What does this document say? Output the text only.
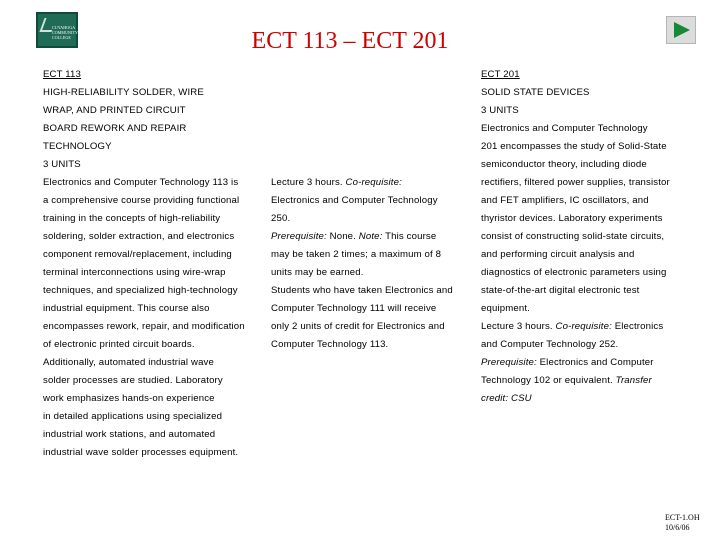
CUYAHOGA
COMMUNITY
COLLEGE	ECT 113 – ECT 201
ECT 113
HIGH-RELIABILITY SOLDER, WIRE
WRAP, AND PRINTED CIRCUIT
BOARD REWORK AND REPAIR
TECHNOLOGY
3 UNITS
Electronics and Computer Technology 113 is
a comprehensive course providing functional
training in the concepts of high-reliability
soldering, solder extraction, and electronics
component removal/replacement, including
terminal interconnections using wire-wrap
techniques, and specialized high-technology
industrial equipment. This course also
encompasses rework, repair, and modification
of electronic printed circuit boards.
Additionally, automated industrial wave
solder processes are studied. Laboratory
work emphasizes hands-on experience
in detailed applications using specialized
industrial work stations, and automated
industrial wave solder processes equipment.
Lecture 3 hours. Co-requisite:
Electronics and Computer Technology
250.
Prerequisite: None. Note: This course
may be taken 2 times; a maximum of 8
units may be earned.
Students who have taken Electronics and
Computer Technology 111 will receive
only 2 units of credit for Electronics and
Computer Technology 113.
ECT 201
SOLID STATE DEVICES
3 UNITS
Electronics and Computer Technology
201 encompasses the study of Solid-State
semiconductor theory, including diode
rectifiers, filtered power supplies, transistor
and FET amplifiers, IC oscillators, and
thyristor devices. Laboratory experiments
consist of constructing solid-state circuits,
and performing circuit analysis and
diagnostics of electronic parameters using
state-of-the-art digital electronic test
equipment.
Lecture 3 hours. Co-requisite: Electronics
and Computer Technology 252.
Prerequisite: Electronics and Computer
Technology 102 or equivalent. Transfer
credit: CSU
ECT-1.OH
10/6/06
